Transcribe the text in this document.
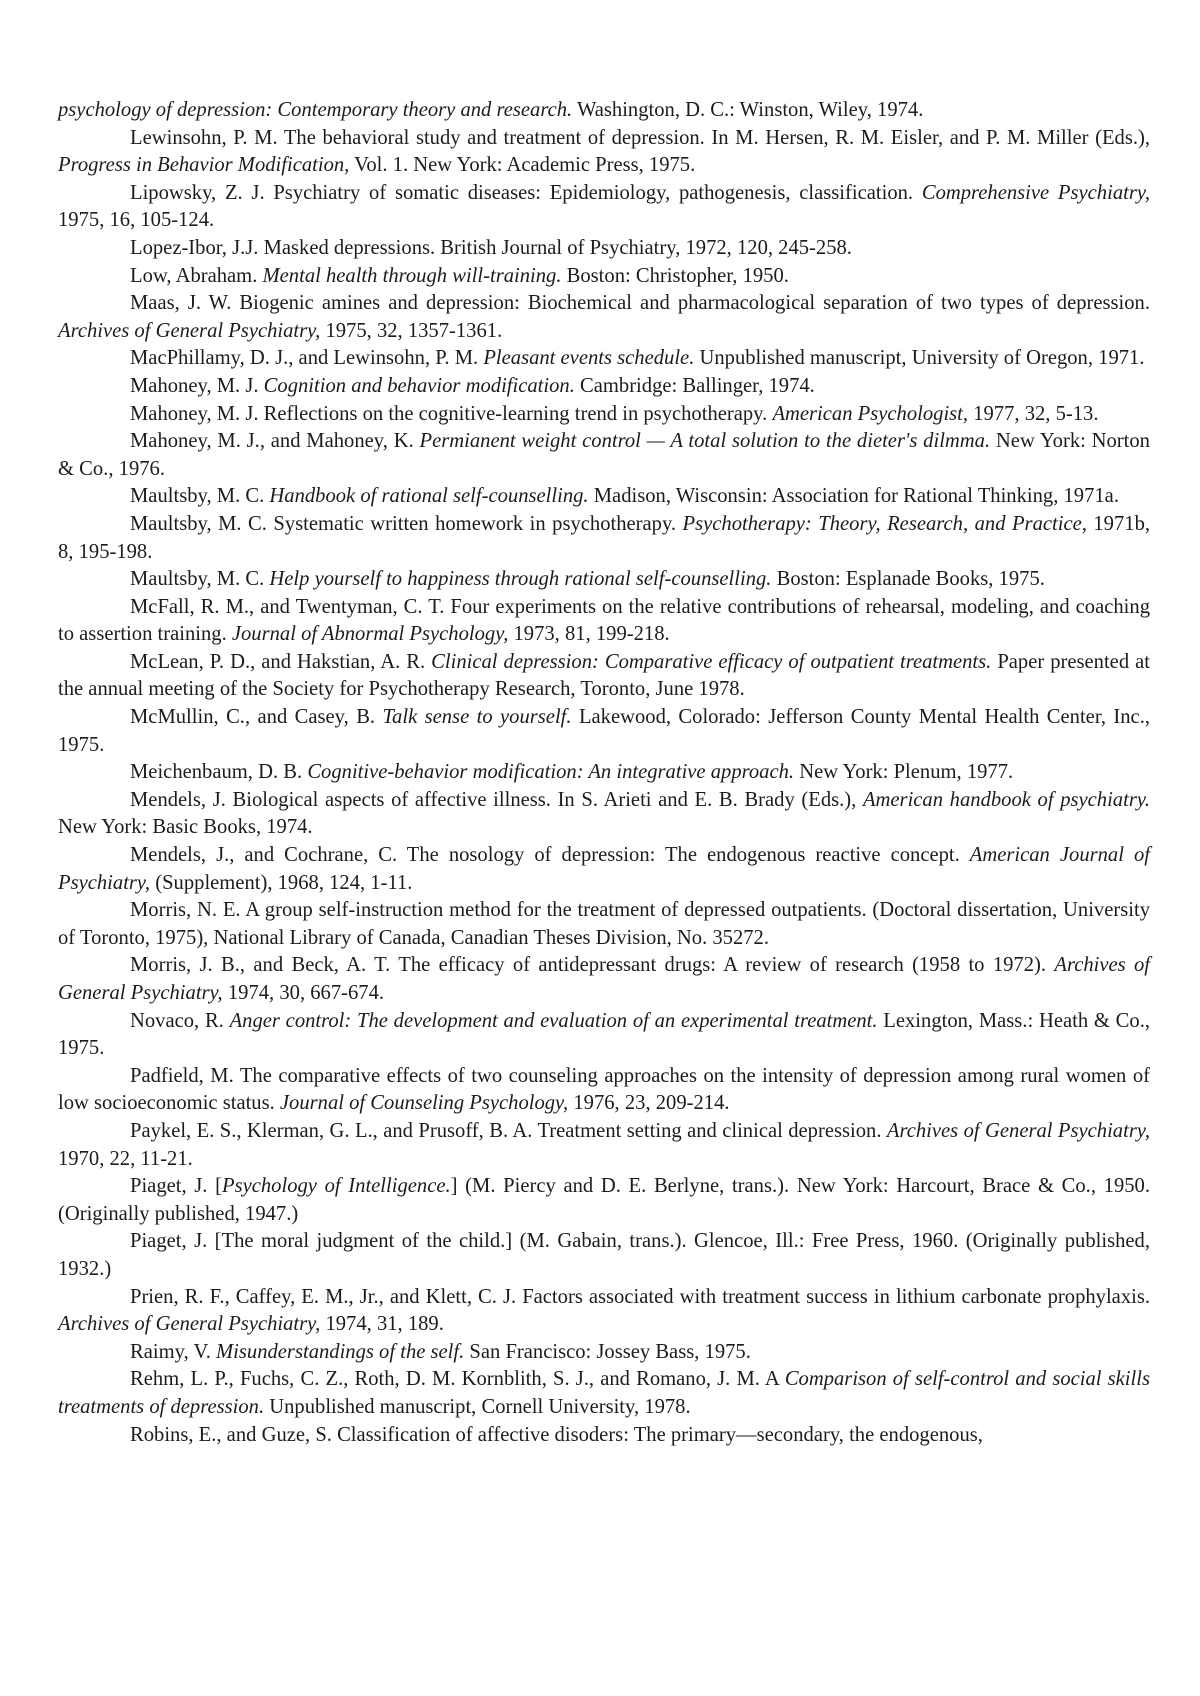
psychology of depression: Contemporary theory and research. Washington, D. C.: Winston, Wiley, 1974.

Lewinsohn, P. M. The behavioral study and treatment of depression. In M. Hersen, R. M. Eisler, and P. M. Miller (Eds.), Progress in Behavior Modification, Vol. 1. New York: Academic Press, 1975.

Lipowsky, Z. J. Psychiatry of somatic diseases: Epidemiology, pathogenesis, classification. Comprehensive Psychiatry, 1975, 16, 105-124.

Lopez-Ibor, J.J. Masked depressions. British Journal of Psychiatry, 1972, 120, 245-258.

Low, Abraham. Mental health through will-training. Boston: Christopher, 1950.

Maas, J. W. Biogenic amines and depression: Biochemical and pharmacological separation of two types of depression. Archives of General Psychiatry, 1975, 32, 1357-1361.

MacPhillamy, D. J., and Lewinsohn, P. M. Pleasant events schedule. Unpublished manuscript, University of Oregon, 1971.

Mahoney, M. J. Cognition and behavior modification. Cambridge: Ballinger, 1974.

Mahoney, M. J. Reflections on the cognitive-learning trend in psychotherapy. American Psychologist, 1977, 32, 5-13.

Mahoney, M. J., and Mahoney, K. Permianent weight control — A total solution to the dieter's dilmma. New York: Norton & Co., 1976.

Maultsby, M. C. Handbook of rational self-counselling. Madison, Wisconsin: Association for Rational Thinking, 1971a.

Maultsby, M. C. Systematic written homework in psychotherapy. Psychotherapy: Theory, Research, and Practice, 1971b, 8, 195-198.

Maultsby, M. C. Help yourself to happiness through rational self-counselling. Boston: Esplanade Books, 1975.

McFall, R. M., and Twentyman, C. T. Four experiments on the relative contributions of rehearsal, modeling, and coaching to assertion training. Journal of Abnormal Psychology, 1973, 81, 199-218.

McLean, P. D., and Hakstian, A. R. Clinical depression: Comparative efficacy of outpatient treatments. Paper presented at the annual meeting of the Society for Psychotherapy Research, Toronto, June 1978.

McMullin, C., and Casey, B. Talk sense to yourself. Lakewood, Colorado: Jefferson County Mental Health Center, Inc., 1975.

Meichenbaum, D. B. Cognitive-behavior modification: An integrative approach. New York: Plenum, 1977.

Mendels, J. Biological aspects of affective illness. In S. Arieti and E. B. Brady (Eds.), American handbook of psychiatry. New York: Basic Books, 1974.

Mendels, J., and Cochrane, C. The nosology of depression: The endogenous reactive concept. American Journal of Psychiatry, (Supplement), 1968, 124, 1-11.

Morris, N. E. A group self-instruction method for the treatment of depressed outpatients. (Doctoral dissertation, University of Toronto, 1975), National Library of Canada, Canadian Theses Division, No. 35272.

Morris, J. B., and Beck, A. T. The efficacy of antidepressant drugs: A review of research (1958 to 1972). Archives of General Psychiatry, 1974, 30, 667-674.

Novaco, R. Anger control: The development and evaluation of an experimental treatment. Lexington, Mass.: Heath & Co., 1975.

Padfield, M. The comparative effects of two counseling approaches on the intensity of depression among rural women of low socioeconomic status. Journal of Counseling Psychology, 1976, 23, 209-214.

Paykel, E. S., Klerman, G. L., and Prusoff, B. A. Treatment setting and clinical depression. Archives of General Psychiatry, 1970, 22, 11-21.

Piaget, J. [Psychology of Intelligence.] (M. Piercy and D. E. Berlyne, trans.). New York: Harcourt, Brace & Co., 1950. (Originally published, 1947.)

Piaget, J. [The moral judgment of the child.] (M. Gabain, trans.). Glencoe, Ill.: Free Press, 1960. (Originally published, 1932.)

Prien, R. F., Caffey, E. M., Jr., and Klett, C. J. Factors associated with treatment success in lithium carbonate prophylaxis. Archives of General Psychiatry, 1974, 31, 189.

Raimy, V. Misunderstandings of the self. San Francisco: Jossey Bass, 1975.

Rehm, L. P., Fuchs, C. Z., Roth, D. M. Kornblith, S. J., and Romano, J. M. A Comparison of self-control and social skills treatments of depression. Unpublished manuscript, Cornell University, 1978.

Robins, E., and Guze, S. Classification of affective disoders: The primary—secondary, the endogenous,
